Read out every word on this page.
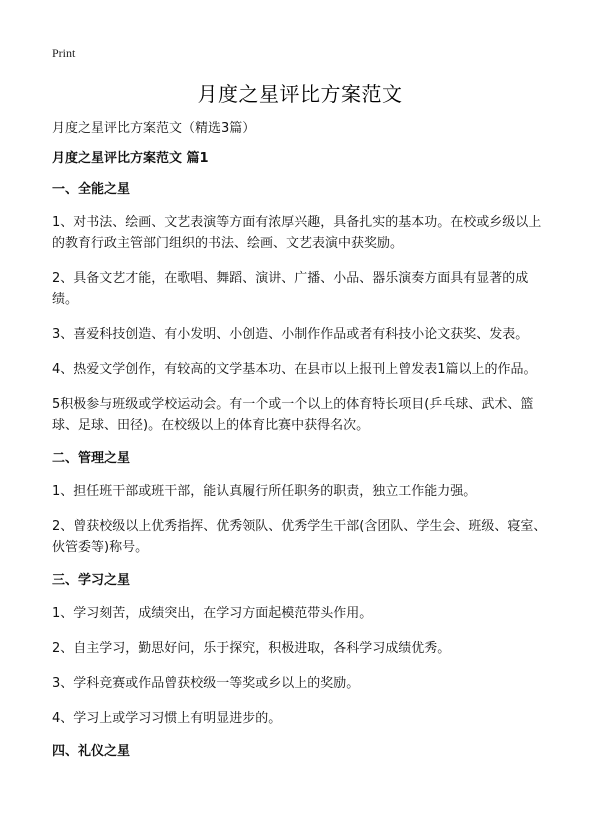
Print
月度之星评比方案范文

月度之星评比方案范文（精选3篇）

月度之星评比方案范文 篇1

一、全能之星

1、对书法、绘画、文艺表演等方面有浓厚兴趣，具备扎实的基本功。在校或乡级以上的教育行政主管部门组织的书法、绘画、文艺表演中获奖励。

2、具备文艺才能，在歌唱、舞蹈、演讲、广播、小品、器乐演奏方面具有显著的成绩。

3、喜爱科技创造、有小发明、小创造、小制作作品或者有科技小论文获奖、发表。

4、热爱文学创作，有较高的文学基本功、在县市以上报刊上曾发表1篇以上的作品。

5积极参与班级或学校运动会。有一个或一个以上的体育特长项目(乒乓球、武术、篮球、足球、田径)。在校级以上的体育比赛中获得名次。

二、管理之星

1、担任班干部或班干部，能认真履行所任职务的职责，独立工作能力强。

2、曾获校级以上优秀指挥、优秀领队、优秀学生干部(含团队、学生会、班级、寝室、伙管委等)称号。

三、学习之星

1、学习刻苦，成绩突出，在学习方面起模范带头作用。

2、自主学习，勤思好问，乐于探究，积极进取，各科学习成绩优秀。

3、学科竞赛或作品曾获校级一等奖或乡以上的奖励。

4、学习上或学习习惯上有明显进步的。

四、礼仪之星
